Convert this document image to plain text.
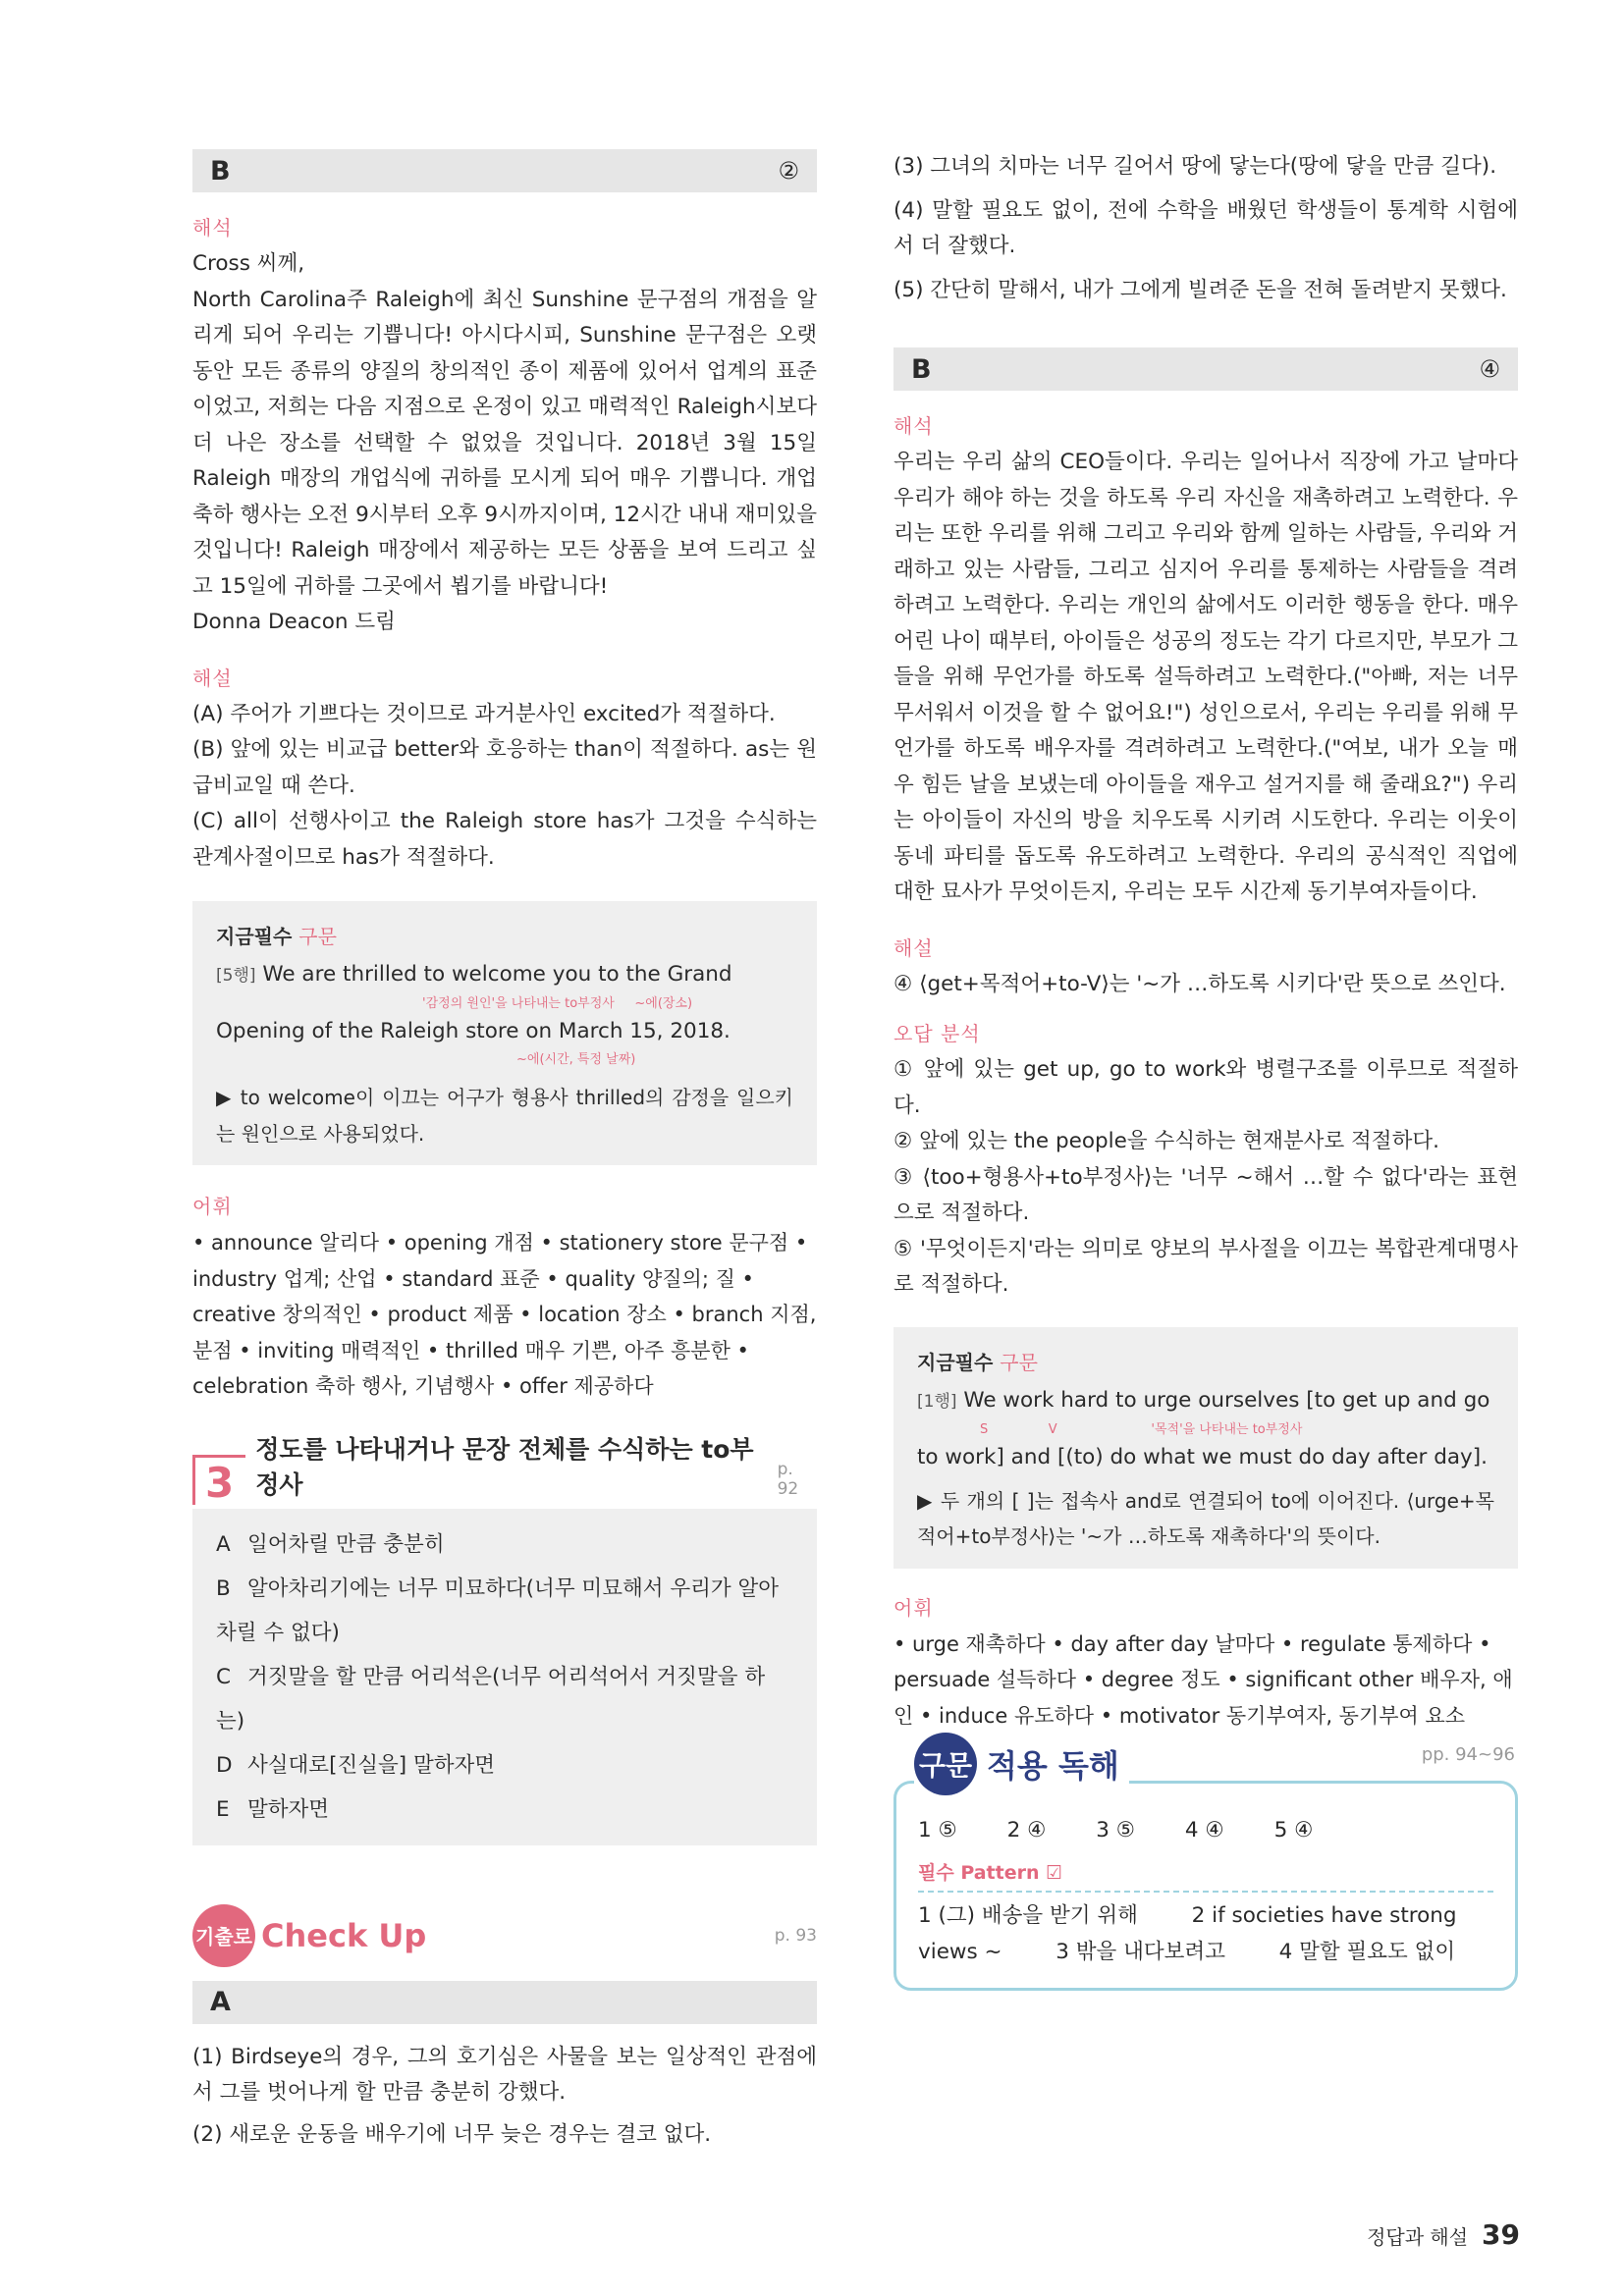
B	②
해석

Cross 씨께,

North Carolina주 Raleigh에 최신 Sunshine 문구점의 개점을 알리게 되어 우리는 기쁩니다! 아시다시피, Sunshine 문구점은 오랫동안 모든 종류의 양질의 창의적인 종이 제품에 있어서 업계의 표준이었고, 저희는 다음 지점으로 온정이 있고 매력적인 Raleigh시보다 더 나은 장소를 선택할 수 없었을 것입니다. 2018년 3월 15일 Raleigh 매장의 개업식에 귀하를 모시게 되어 매우 기쁩니다. 개업 축하 행사는 오전 9시부터 오후 9시까지이며, 12시간 내내 재미있을 것입니다! Raleigh 매장에서 제공하는 모든 상품을 보여 드리고 싶고 15일에 귀하를 그곳에서 뵙기를 바랍니다!

Donna Deacon 드림

해설

(A) 주어가 기쁘다는 것이므로 과거분사인 excited가 적절하다.

(B) 앞에 있는 비교급 better와 호응하는 than이 적절하다. as는 원급비교일 때 쓴다.

(C) all이 선행사이고 the Raleigh store has가 그것을 수식하는 관계사절이므로 has가 적절하다.

지금필수 구문
[5행] We are thrilled to welcome you to the Grand
'감정의 원인'을 나타내는 to부정사 ~에(장소)
Opening of the Raleigh store on March 15, 2018.
~에(시간, 특정 날짜)
▶ to welcome이 이끄는 어구가 형용사 thrilled의 감정을 일으키는 원인으로 사용되었다.
어휘
• announce 알리다 • opening 개점 • stationery store 문구점 • industry 업계; 산업 • standard 표준 • quality 양질의; 질 • creative 창의적인 • product 제품 • location 장소 • branch 지점, 분점 • inviting 매력적인 • thrilled 매우 기쁜, 아주 흥분한 • celebration 축하 행사, 기념행사 • offer 제공하다
3
정도를 나타내거나 문장 전체를 수식하는 to부정사
p. 92
A 일어차릴 만큼 충분히
B 알아차리기에는 너무 미묘하다(너무 미묘해서 우리가 알아차릴 수 없다)
C 거짓말을 할 만큼 어리석은(너무 어리석어서 거짓말을 하는)
D 사실대로[진실을] 말하자면
E 말하자면
기출로 Check Up	p. 93
A

(1) Birdseye의 경우, 그의 호기심은 사물을 보는 일상적인 관점에서 그를 벗어나게 할 만큼 충분히 강했다.

(2) 새로운 운동을 배우기에 너무 늦은 경우는 결코 없다.

(3) 그녀의 치마는 너무 길어서 땅에 닿는다(땅에 닿을 만큼 길다).

(4) 말할 필요도 없이, 전에 수학을 배웠던 학생들이 통계학 시험에서 더 잘했다.

(5) 간단히 말해서, 내가 그에게 빌려준 돈을 전혀 돌려받지 못했다.

B	④
해석
우리는 우리 삶의 CEO들이다. 우리는 일어나서 직장에 가고 날마다 우리가 해야 하는 것을 하도록 우리 자신을 재촉하려고 노력한다. 우리는 또한 우리를 위해 그리고 우리와 함께 일하는 사람들, 우리와 거래하고 있는 사람들, 그리고 심지어 우리를 통제하는 사람들을 격려하려고 노력한다. 우리는 개인의 삶에서도 이러한 행동을 한다. 매우 어린 나이 때부터, 아이들은 성공의 정도는 각기 다르지만, 부모가 그들을 위해 무언가를 하도록 설득하려고 노력한다.("아빠, 저는 너무 무서워서 이것을 할 수 없어요!") 성인으로서, 우리는 우리를 위해 무언가를 하도록 배우자를 격려하려고 노력한다.("여보, 내가 오늘 매우 힘든 날을 보냈는데 아이들을 재우고 설거지를 해 줄래요?") 우리는 아이들이 자신의 방을 치우도록 시키려 시도한다. 우리는 이웃이 동네 파티를 돕도록 유도하려고 노력한다. 우리의 공식적인 직업에 대한 묘사가 무엇이든지, 우리는 모두 시간제 동기부여자들이다.
해설
④ ⟨get+목적어+to-V⟩는 '~가 …하도록 시키다'란 뜻으로 쓰인다.
오답 분석

① 앞에 있는 get up, go to work와 병렬구조를 이루므로 적절하다.

② 앞에 있는 the people을 수식하는 현재분사로 적절하다.

③ ⟨too+형용사+to부정사⟩는 '너무 ~해서 …할 수 없다'라는 표현으로 적절하다.

⑤ '무엇이든지'라는 의미로 양보의 부사절을 이끄는 복합관계대명사로 적절하다.

지금필수 구문
[1행] We work hard to urge ourselves [to get up and go
S	V	'목적'을 나타내는 to부정사
to work] and [(to) do what we must do day after day].
▶ 두 개의 [ ]는 접속사 and로 연결되어 to에 이어진다. ⟨urge+목적어+to부정사⟩는 '~가 …하도록 재촉하다'의 뜻이다.
어휘
• urge 재촉하다 • day after day 날마다 • regulate 통제하다 • persuade 설득하다 • degree 정도 • significant other 배우자, 애인 • induce 유도하다 • motivator 동기부여자, 동기부여 요소
구문 적용 독해	pp. 94~96
1 ⑤ 2 ④ 3 ⑤ 4 ④ 5 ④
필수 Pattern ☑
1 (그) 배송을 받기 위해        2 if societies have strong
views ~        3 밖을 내다보려고        4 말할 필요도 없이
정답과 해설 39
